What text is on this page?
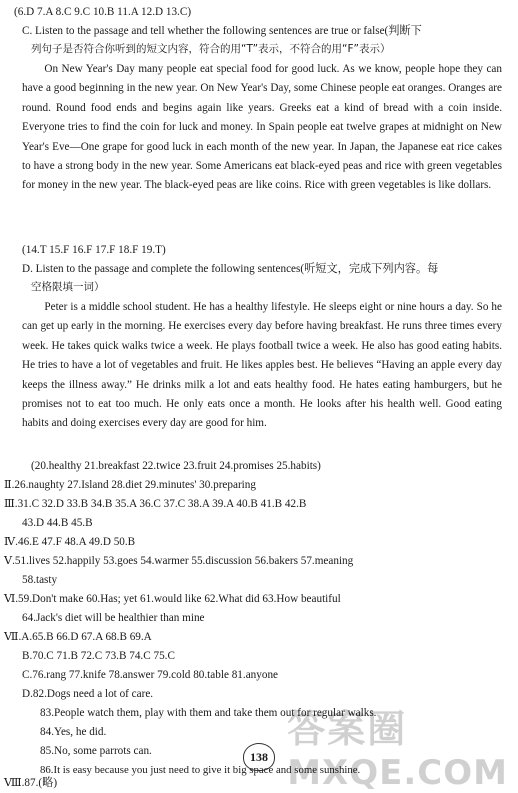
(6.D 7.A 8.C 9.C 10.B 11.A 12.D 13.C)
C. Listen to the passage and tell whether the following sentences are true or false(判断下
列句子是否符合你听到的短文内容，符合的用“T”表示，不符合的用“F”表示）
On New Year's Day many people eat special food for good luck. As we know, people hope they can have a good beginning in the new year. On New Year's Day, some Chinese people eat oranges. Oranges are round. Round food ends and begins again like years. Greeks eat a kind of bread with a coin inside. Everyone tries to find the coin for luck and money. In Spain people eat twelve grapes at midnight on New Year's Eve—One grape for good luck in each month of the new year. In Japan, the Japanese eat rice cakes to have a strong body in the new year. Some Americans eat black-eyed peas and rice with green vegetables for money in the new year. The black-eyed peas are like coins. Rice with green vegetables is like dollars.
(14.T 15.F 16.F 17.F 18.F 19.T)
D. Listen to the passage and complete the following sentences(听短文，完成下列内容。每
空格限填一词）
Peter is a middle school student. He has a healthy lifestyle. He sleeps eight or nine hours a day. So he can get up early in the morning. He exercises every day before having breakfast. He runs three times every week. He takes quick walks twice a week. He plays football twice a week. He also has good eating habits. He tries to have a lot of vegetables and fruit. He likes apples best. He believes “Having an apple every day keeps the illness away.” He drinks milk a lot and eats healthy food. He hates eating hamburgers, but he promises not to eat too much. He only eats once a month. He looks after his health well. Good eating habits and doing exercises every day are good for him.
(20.healthy 21.breakfast 22.twice 23.fruit 24.promises 25.habits)
Ⅱ.26.naughty 27.Island 28.diet 29.minutes' 30.preparing
Ⅲ.31.C 32.D 33.B 34.B 35.A 36.C 37.C 38.A 39.A 40.B 41.B 42.B
43.D 44.B 45.B
Ⅳ.46.E 47.F 48.A 49.D 50.B
Ⅴ.51.lives 52.happily 53.goes 54.warmer 55.discussion 56.bakers 57.meaning
58.tasty
Ⅵ.59.Don't make 60.Has; yet 61.would like 62.What did 63.How beautiful
64.Jack's diet will be healthier than mine
Ⅶ.A.65.B 66.D 67.A 68.B 69.A
B.70.C 71.B 72.C 73.B 74.C 75.C
C.76.rang 77.knife 78.answer 79.cold 80.table 81.anyone
D.82.Dogs need a lot of care.
83.People watch them, play with them and take them out for regular walks.
84.Yes, he did.
85.No, some parrots can.
86.It is easy because you just need to give it big space and some sunshine.
Ⅷ.87.(略)
138
答案圈
MXQE.COM
